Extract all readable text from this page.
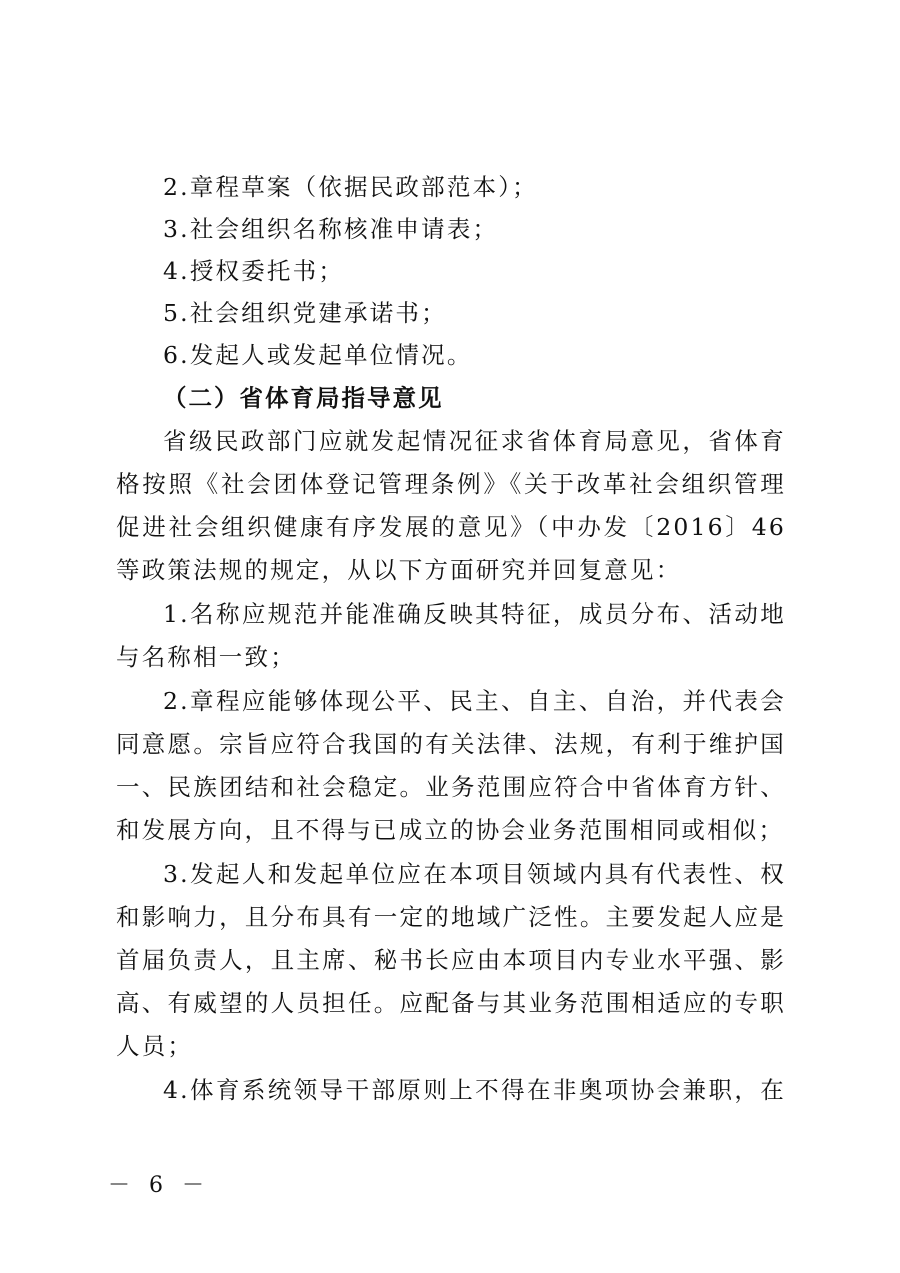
2.章程草案（依据民政部范本）；
3.社会组织名称核准申请表；
4.授权委托书；
5.社会组织党建承诺书；
6.发起人或发起单位情况。
（二）省体育局指导意见
省级民政部门应就发起情况征求省体育局意见，省体育
格按照《社会团体登记管理条例》《关于改革社会组织管理
促进社会组织健康有序发展的意见》（中办发〔2016〕46
等政策法规的规定，从以下方面研究并回复意见：
1.名称应规范并能准确反映其特征，成员分布、活动地
与名称相一致；
2.章程应能够体现公平、民主、自主、自治，并代表会
同意愿。宗旨应符合我国的有关法律、法规，有利于维护国
一、民族团结和社会稳定。业务范围应符合中省体育方针、
和发展方向，且不得与已成立的协会业务范围相同或相似；
3.发起人和发起单位应在本项目领域内具有代表性、权
和影响力，且分布具有一定的地域广泛性。主要发起人应是
首届负责人，且主席、秘书长应由本项目内专业水平强、影
高、有威望的人员担任。应配备与其业务范围相适应的专职
人员；
4.体育系统领导干部原则上不得在非奥项协会兼职，在
－ 6 －
